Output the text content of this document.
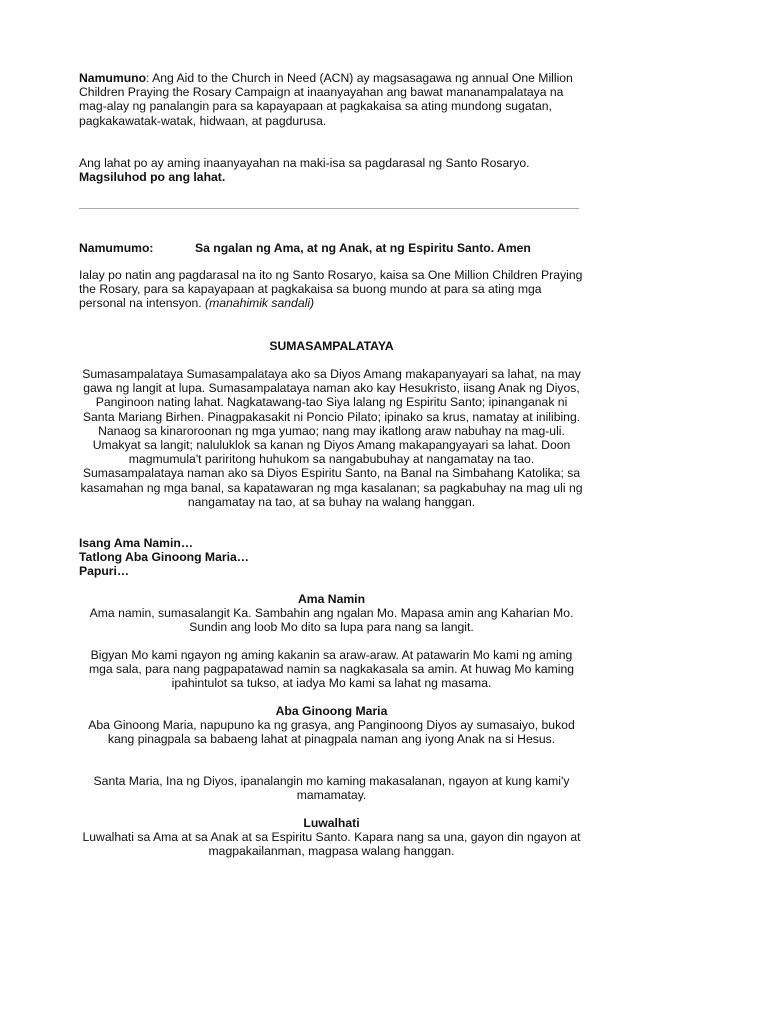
Namumuno: Ang Aid to the Church in Need (ACN) ay magsasagawa ng annual One Million Children Praying the Rosary Campaign at inaanyayahan ang bawat mananampalataya na mag-alay ng panalangin para sa kapayapaan at pagkakaisa sa ating mundong sugatan, pagkakawatak-watak, hidwaan, at pagdurusa.

Ang lahat po ay aming inaanyayahan na maki-isa sa pagdarasal ng Santo Rosaryo.
Magsiluhod po ang lahat.

Namumumo:	Sa ngalan ng Ama, at ng Anak, at ng Espiritu Santo. Amen

Ialay po natin ang pagdarasal na ito ng Santo Rosaryo, kaisa sa One Million Children Praying the Rosary, para sa kapayapaan at pagkakaisa sa buong mundo at para sa ating mga personal na intensyon. (manahimik sandali)

SUMASAMPALATAYA

Sumasampalataya Sumasampalataya ako sa Diyos Amang makapanyayari sa lahat, na may gawa ng langit at lupa. Sumasampalataya naman ako kay Hesukristo, iisang Anak ng Diyos, Panginoon nating lahat. Nagkatawang-tao Siya lalang ng Espiritu Santo; ipinanganak ni Santa Mariang Birhen. Pinagpakasakit ni Poncio Pilato; ipinako sa krus, namatay at inilibing. Nanaog sa kinaroroonan ng mga yumao; nang may ikatlong araw nabuhay na mag-uli. Umakyat sa langit; naluluklok sa kanan ng Diyos Amang makapangyayari sa lahat. Doon magmumula't pariritong huhukom sa nangabubuhay at nangamatay na tao. Sumasampalataya naman ako sa Diyos Espiritu Santo, na Banal na Simbahang Katolika; sa kasamahan ng mga banal, sa kapatawaran ng mga kasalanan; sa pagkabuhay na mag uli ng nangamatay na tao, at sa buhay na walang hanggan.

Isang Ama Namin…
Tatlong Aba Ginoong Maria…
Papuri…

Ama Namin

Ama namin, sumasalangit Ka. Sambahin ang ngalan Mo. Mapasa amin ang Kaharian Mo. Sundin ang loob Mo dito sa lupa para nang sa langit.

Bigyan Mo kami ngayon ng aming kakanin sa araw-araw. At patawarin Mo kami ng aming mga sala, para nang pagpapatawad namin sa nagkakasala sa amin. At huwag Mo kaming ipahintulot sa tukso, at iadya Mo kami sa lahat ng masama.

Aba Ginoong Maria

Aba Ginoong Maria, napupuno ka ng grasya, ang Panginoong Diyos ay sumasaiyo, bukod kang pinagpala sa babaeng lahat at pinagpala naman ang iyong Anak na si Hesus.

Santa Maria, Ina ng Diyos, ipanalangin mo kaming makasalanan, ngayon at kung kami'y mamamatay.

Luwalhati

Luwalhati sa Ama at sa Anak at sa Espiritu Santo. Kapara nang sa una, gayon din ngayon at magpakailanman, magpasa walang hanggan.
